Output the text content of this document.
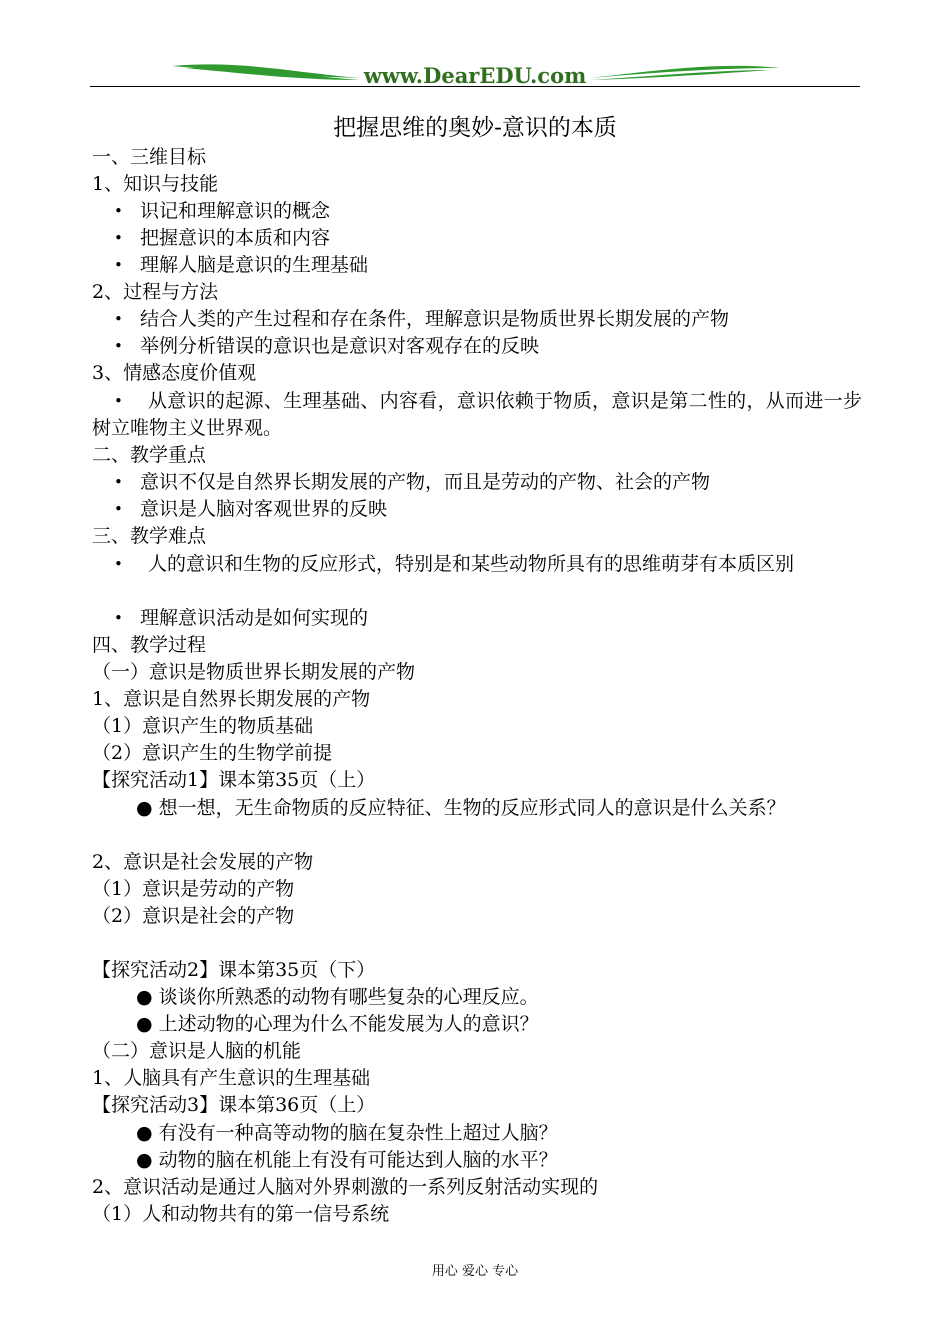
www.DearEDU.com
把握思维的奥妙-意识的本质
一、三维目标
1、知识与技能
• 识记和理解意识的概念
• 把握意识的本质和内容
• 理解人脑是意识的生理基础
2、过程与方法
• 结合人类的产生过程和存在条件，理解意识是物质世界长期发展的产物
• 举例分析错误的意识也是意识对客观存在的反映
3、情感态度价值观
•	从意识的起源、生理基础、内容看，意识依赖于物质，意识是第二性的，从而进一步树立唯物主义世界观。
二、教学重点
• 意识不仅是自然界长期发展的产物，而且是劳动的产物、社会的产物
• 意识是人脑对客观世界的反映
三、教学难点
•	人的意识和生物的反应形式，特别是和某些动物所具有的思维萌芽有本质区别
• 理解意识活动是如何实现的
四、教学过程
（一）意识是物质世界长期发展的产物
1、意识是自然界长期发展的产物
（1）意识产生的物质基础
（2）意识产生的生物学前提
【探究活动1】课本第35页（上）
● 想一想，无生命物质的反应特征、生物的反应形式同人的意识是什么关系？
2、意识是社会发展的产物
（1）意识是劳动的产物
（2）意识是社会的产物
【探究活动2】课本第35页（下）
● 谈谈你所熟悉的动物有哪些复杂的心理反应。
● 上述动物的心理为什么不能发展为人的意识？
（二）意识是人脑的机能
1、人脑具有产生意识的生理基础
【探究活动3】课本第36页（上）
● 有没有一种高等动物的脑在复杂性上超过人脑？
● 动物的脑在机能上有没有可能达到人脑的水平？
2、意识活动是通过人脑对外界刺激的一系列反射活动实现的
（1）人和动物共有的第一信号系统
用心 爱心 专心
